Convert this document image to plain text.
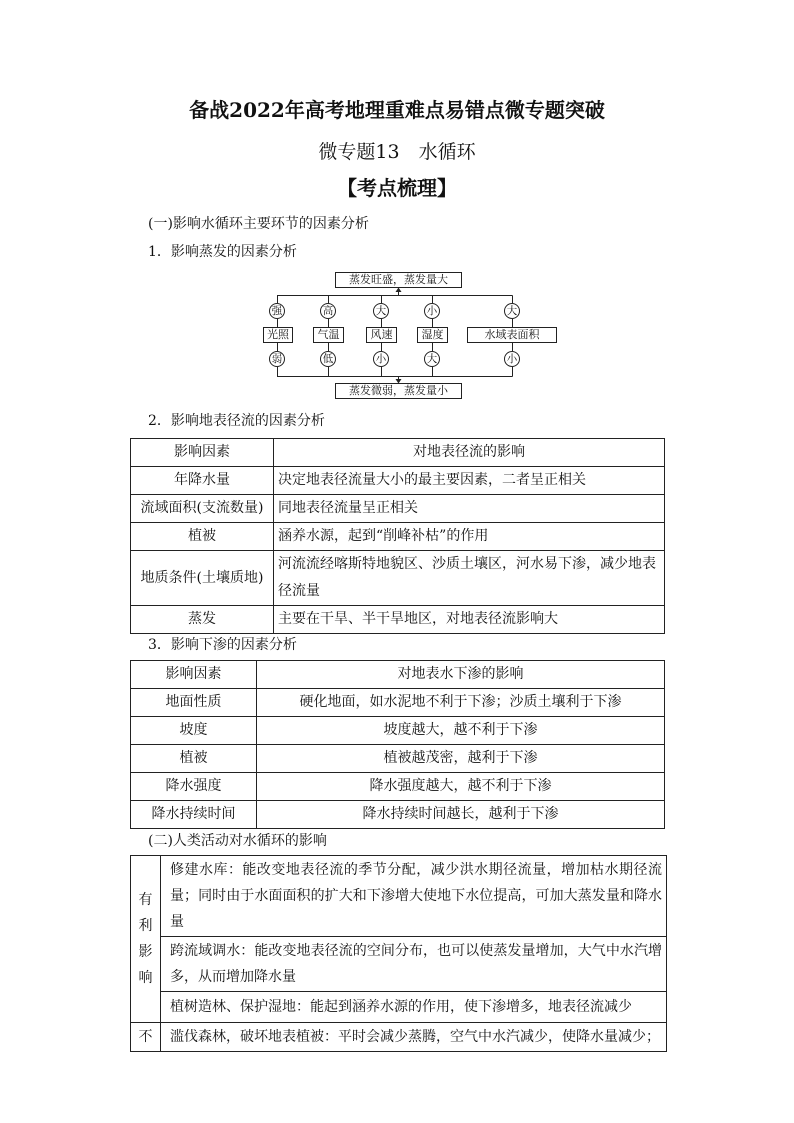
备战2022年高考地理重难点易错点微专题突破
微专题13　水循环
【考点梳理】
(一)影响水循环主要环节的因素分析
1．影响蒸发的因素分析
蒸发旺盛，蒸发量大
蒸发微弱，蒸发量小
强	高	大	小	大
光照	气温	风速	湿度	水域表面积
弱	低	小	大	小
2．影响地表径流的因素分析
影响因素	对地表径流的影响
年降水量	决定地表径流量大小的最主要因素，二者呈正相关
流域面积(支流数量)	同地表径流量呈正相关
植被	涵养水源，起到“削峰补枯”的作用
地质条件(土壤质地)	河流流经喀斯特地貌区、沙质土壤区，河水易下渗，减少地表径流量
蒸发	主要在干旱、半干旱地区，对地表径流影响大
3．影响下渗的因素分析
影响因素	对地表水下渗的影响
地面性质	硬化地面，如水泥地不利于下渗；沙质土壤利于下渗
坡度	坡度越大，越不利于下渗
植被	植被越茂密，越利于下渗
降水强度	降水强度越大，越不利于下渗
降水持续时间	降水持续时间越长，越利于下渗
(二)人类活动对水循环的影响
有利影响	修建水库：能改变地表径流的季节分配，减少洪水期径流量，增加枯水期径流量；同时由于水面面积的扩大和下渗增大使地下水位提高，可加大蒸发量和降水量
	跨流域调水：能改变地表径流的空间分布，也可以使蒸发量增加，大气中水汽增多，从而增加降水量
	植树造林、保护湿地：能起到涵养水源的作用，使下渗增多，地表径流减少

不	滥伐森林，破坏地表植被：平时会减少蒸腾，空气中水汽减少，使降水量减少；
